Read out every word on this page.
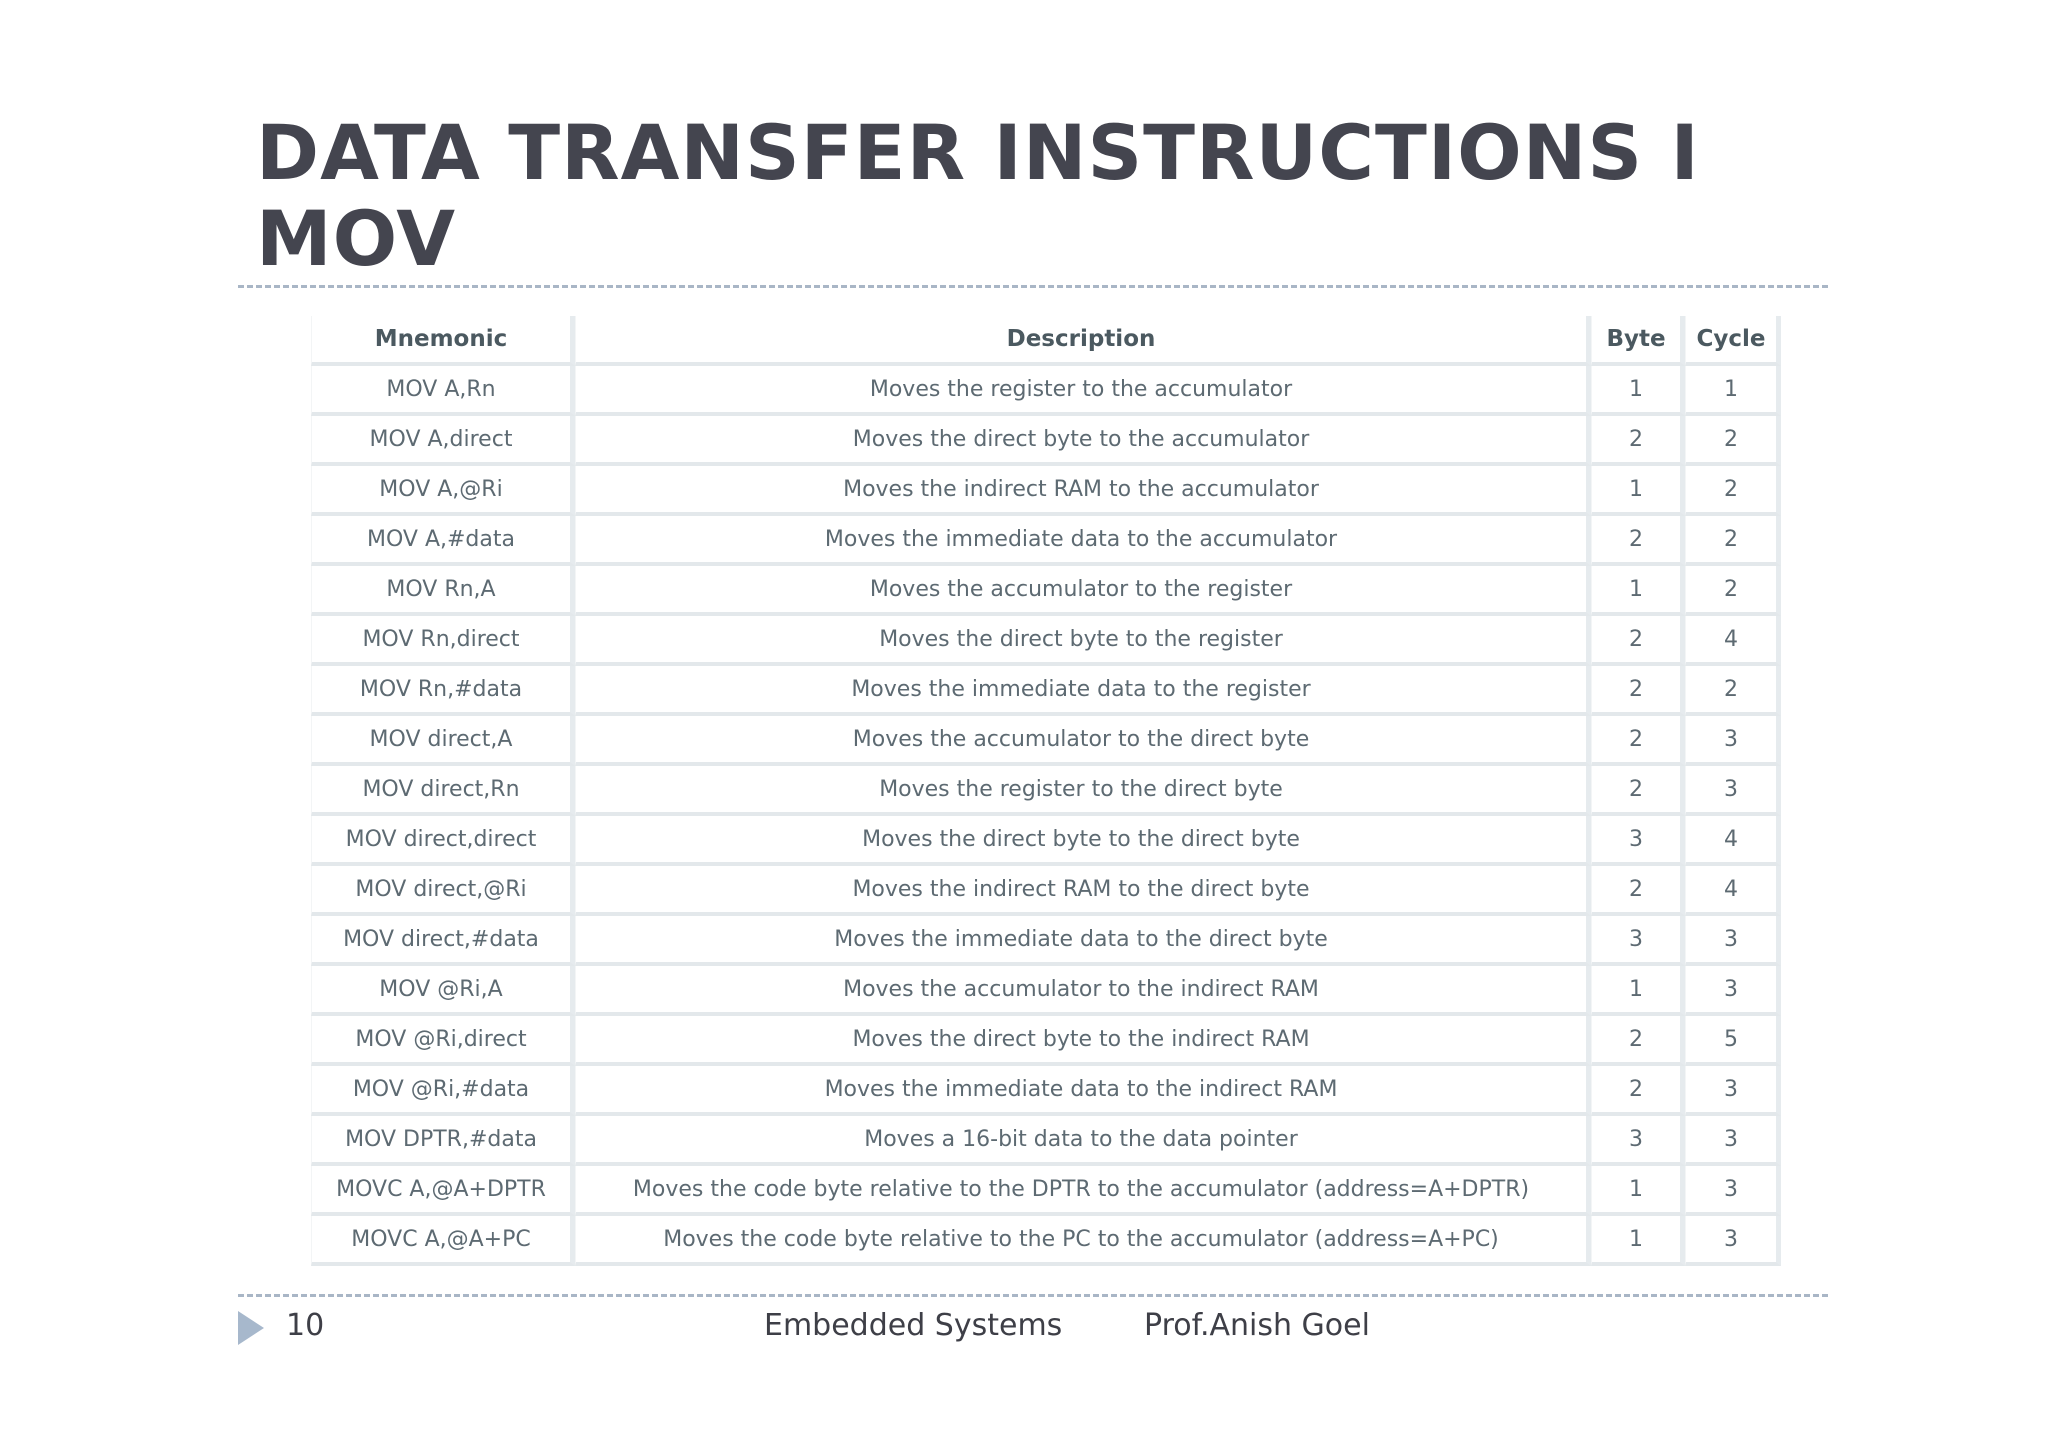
DATA TRANSFER INSTRUCTIONS I
MOV
Mnemonic	Description	Byte	Cycle
MOV A,Rn	Moves the register to the accumulator	1	1
MOV A,direct	Moves the direct byte to the accumulator	2	2
MOV A,@Ri	Moves the indirect RAM to the accumulator	1	2
MOV A,#data	Moves the immediate data to the accumulator	2	2
MOV Rn,A	Moves the accumulator to the register	1	2
MOV Rn,direct	Moves the direct byte to the register	2	4
MOV Rn,#data	Moves the immediate data to the register	2	2
MOV direct,A	Moves the accumulator to the direct byte	2	3
MOV direct,Rn	Moves the register to the direct byte	2	3
MOV direct,direct	Moves the direct byte to the direct byte	3	4
MOV direct,@Ri	Moves the indirect RAM to the direct byte	2	4
MOV direct,#data	Moves the immediate data to the direct byte	3	3
MOV @Ri,A	Moves the accumulator to the indirect RAM	1	3
MOV @Ri,direct	Moves the direct byte to the indirect RAM	2	5
MOV @Ri,#data	Moves the immediate data to the indirect RAM	2	3
MOV DPTR,#data	Moves a 16-bit data to the data pointer	3	3
MOVC A,@A+DPTR	Moves the code byte relative to the DPTR to the accumulator (address=A+DPTR)	1	3
MOVC A,@A+PC	Moves the code byte relative to the PC to the accumulator (address=A+PC)	1	3
10	Embedded Systems	Prof.Anish Goel
